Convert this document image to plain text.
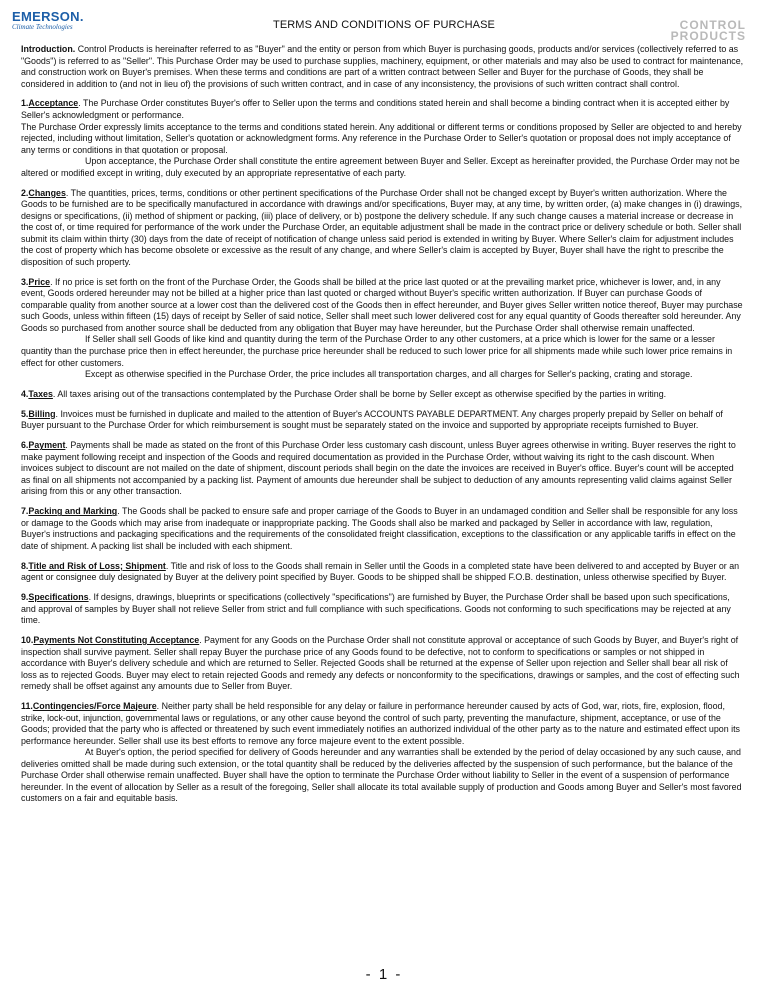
EMERSON.
Climate Technologies	TERMS AND CONDITIONS OF PURCHASE	CONTROL
PRODUCTS

Introduction. Control Products is hereinafter referred to as "Buyer" and the entity or person from which Buyer is purchasing goods, products and/or services (collectively referred to as "Goods") is referred to as "Seller". This Purchase Order may be used to purchase supplies, machinery, equipment, or other materials and may also be used to contract for maintenance, and construction work on Buyer's premises. When these terms and conditions are part of a written contract between Seller and Buyer for the purchase of Goods, they shall be considered in addition to (and not in lieu of) the provisions of such written contract, and in case of any inconsistency, the provisions of such written contract shall control.

1.Acceptance. The Purchase Order constitutes Buyer's offer to Seller upon the terms and conditions stated herein and shall become a binding contract when it is accepted either by Seller's acknowledgment or performance.

The Purchase Order expressly limits acceptance to the terms and conditions stated herein. Any additional or different terms or conditions proposed by Seller are objected to and hereby rejected, including without limitation, Seller's quotation or acknowledgment forms. Any reference in the Purchase Order to Seller's quotation or proposal does not imply acceptance of any terms or conditions in that quotation or proposal.

Upon acceptance, the Purchase Order shall constitute the entire agreement between Buyer and Seller. Except as hereinafter provided, the Purchase Order may not be altered or modified except in writing, duly executed by an appropriate representative of each party.

2.Changes. The quantities, prices, terms, conditions or other pertinent specifications of the Purchase Order shall not be changed except by Buyer's written authorization. Where the Goods to be furnished are to be specifically manufactured in accordance with drawings and/or specifications, Buyer may, at any time, by written order, (a) make changes in (i) drawings, designs or specifications, (ii) method of shipment or packing, (iii) place of delivery, or b) postpone the delivery schedule. If any such change causes a material increase or decrease in the cost of, or time required for performance of the work under the Purchase Order, an equitable adjustment shall be made in the contract price or delivery schedule or both. Seller shall submit its claim within thirty (30) days from the date of receipt of notification of change unless said period is extended in writing by Buyer. Where Seller's claim for adjustment includes the cost of property which has become obsolete or excessive as the result of any change, and where Seller's claim is accepted by Buyer, Buyer shall have the right to prescribe the disposition of such property.

3.Price. If no price is set forth on the front of the Purchase Order, the Goods shall be billed at the price last quoted or at the prevailing market price, whichever is lower, and, in any event, Goods ordered hereunder may not be billed at a higher price than last quoted or charged without Buyer's specific written authorization. If Buyer can purchase Goods of comparable quality from another source at a lower cost than the delivered cost of the Goods then in effect hereunder, and Buyer gives Seller written notice thereof, Buyer may purchase such Goods, unless within fifteen (15) days of receipt by Seller of said notice, Seller shall meet such lower delivered cost for any equal quantity of Goods thereafter sold hereunder. Any Goods so purchased from another source shall be deducted from any obligation that Buyer may have hereunder, but the Purchase Order shall otherwise remain unaffected.

If Seller shall sell Goods of like kind and quantity during the term of the Purchase Order to any other customers, at a price which is lower for the same or a lesser quantity than the purchase price then in effect hereunder, the purchase price hereunder shall be reduced to such lower price for all shipments made while such lower price remains in effect for other customers.

Except as otherwise specified in the Purchase Order, the price includes all transportation charges, and all charges for Seller's packing, crating and storage.

4.Taxes. All taxes arising out of the transactions contemplated by the Purchase Order shall be borne by Seller except as otherwise specified by the parties in writing.

5.Billing. Invoices must be furnished in duplicate and mailed to the attention of Buyer's ACCOUNTS PAYABLE DEPARTMENT. Any charges properly prepaid by Seller on behalf of Buyer pursuant to the Purchase Order for which reimbursement is sought must be separately stated on the invoice and supported by appropriate receipts furnished to Buyer.

6.Payment. Payments shall be made as stated on the front of this Purchase Order less customary cash discount, unless Buyer agrees otherwise in writing. Buyer reserves the right to make payment following receipt and inspection of the Goods and required documentation as provided in the Purchase Order, without waiving its right to the cash discount. When invoices subject to discount are not mailed on the date of shipment, discount periods shall begin on the date the invoices are received in Buyer's office. Buyer's count will be accepted as final on all shipments not accompanied by a packing list. Payment of amounts due hereunder shall be subject to deduction of any amounts representing valid claims against Seller arising from this or any other transaction.

7.Packing and Marking. The Goods shall be packed to ensure safe and proper carriage of the Goods to Buyer in an undamaged condition and Seller shall be responsible for any loss or damage to the Goods which may arise from inadequate or inappropriate packing. The Goods shall also be marked and packaged by Seller in accordance with law, regulation, Buyer's instructions and packaging specifications and the requirements of the consolidated freight classification, exceptions to the classification or any applicable tariffs in effect on the date of shipment. A packing list shall be included with each shipment.

8.Title and Risk of Loss; Shipment. Title and risk of loss to the Goods shall remain in Seller until the Goods in a completed state have been delivered to and accepted by Buyer or an agent or consignee duly designated by Buyer at the delivery point specified by Buyer. Goods to be shipped shall be shipped F.O.B. destination, unless otherwise specified by Buyer.

9.Specifications. If designs, drawings, blueprints or specifications (collectively "specifications") are furnished by Buyer, the Purchase Order shall be based upon such specifications, and approval of samples by Buyer shall not relieve Seller from strict and full compliance with such specifications. Goods not conforming to such specifications may be rejected at any time.

10.Payments Not Constituting Acceptance. Payment for any Goods on the Purchase Order shall not constitute approval or acceptance of such Goods by Buyer, and Buyer's right of inspection shall survive payment. Seller shall repay Buyer the purchase price of any Goods found to be defective, not to conform to specifications or samples or not shipped in accordance with Buyer's delivery schedule and which are returned to Seller. Rejected Goods shall be returned at the expense of Seller upon rejection and Seller shall bear all risk of loss as to rejected Goods. Buyer may elect to retain rejected Goods and remedy any defects or nonconformity to the specifications, drawings or samples, and the cost of effecting such remedy shall be offset against any amounts due to Seller from Buyer.

11.Contingencies/Force Majeure. Neither party shall be held responsible for any delay or failure in performance hereunder caused by acts of God, war, riots, fire, explosion, flood, strike, lock-out, injunction, governmental laws or regulations, or any other cause beyond the control of such party, preventing the manufacture, shipment, acceptance, or use of the Goods; provided that the party who is affected or threatened by such event immediately notifies an authorized individual of the other party as to the nature and estimated effect upon its performance hereunder. Seller shall use its best efforts to remove any force majeure event to the extent possible.

At Buyer's option, the period specified for delivery of Goods hereunder and any warranties shall be extended by the period of delay occasioned by any such cause, and deliveries omitted shall be made during such extension, or the total quantity shall be reduced by the deliveries affected by the suspension of such performance, but the balance of the Purchase Order shall otherwise remain unaffected. Buyer shall have the option to terminate the Purchase Order without liability to Seller in the event of a suspension of performance hereunder. In the event of allocation by Seller as a result of the foregoing, Seller shall allocate its total available supply of production and Goods among Buyer and Seller's most favored customers on a fair and equitable basis.

- 1 -
